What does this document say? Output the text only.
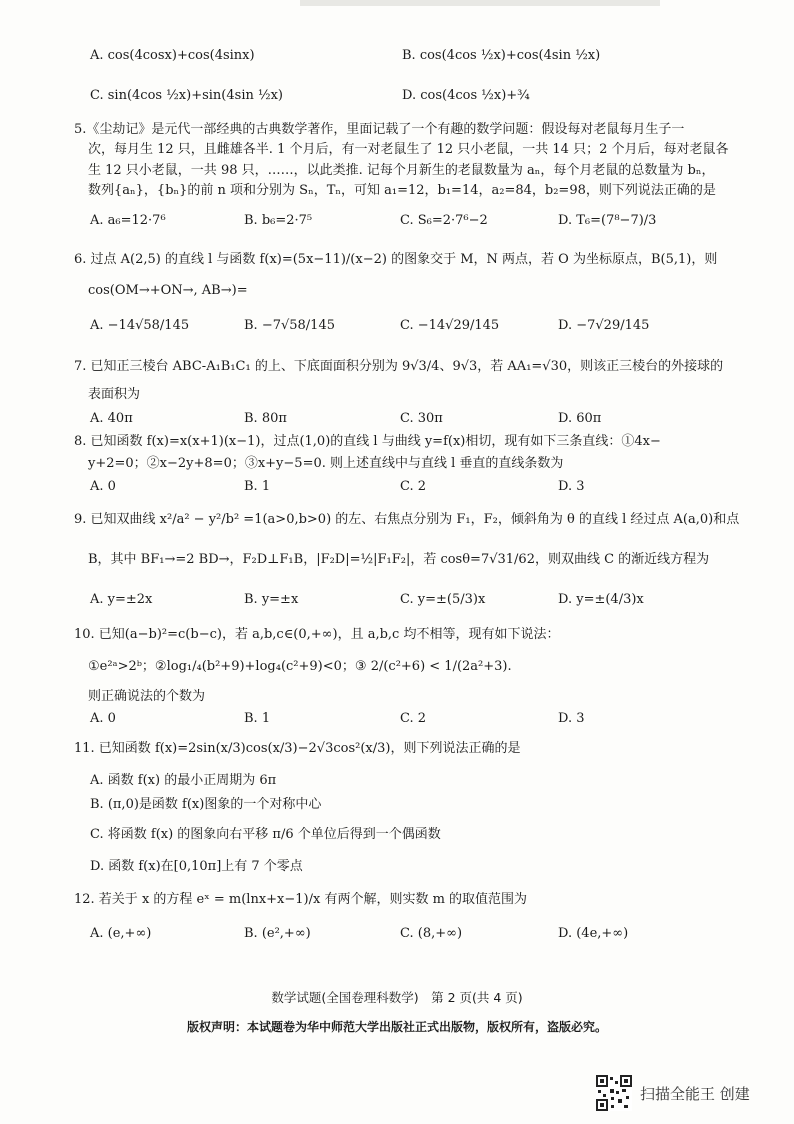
A. cos(4cosx)+cos(4sinx)	B. cos(4cos ½x)+cos(4sin ½x)
C. sin(4cos ½x)+sin(4sin ½x)	D. cos(4cos ½x)+¾
5.《尘劫记》是元代一部经典的古典数学著作，里面记载了一个有趣的数学问题：假设每对老鼠每月生子一
次，每月生 12 只，且雌雄各半. 1 个月后，有一对老鼠生了 12 只小老鼠，一共 14 只；2 个月后，每对老鼠各
生 12 只小老鼠，一共 98 只，……，以此类推. 记每个月新生的老鼠数量为 aₙ，每个月老鼠的总数量为 bₙ，
数列{aₙ}，{bₙ}的前 n 项和分别为 Sₙ，Tₙ，可知 a₁=12，b₁=14，a₂=84，b₂=98，则下列说法正确的是
A. a₆=12·7⁶	B. b₆=2·7⁵	C. S₆=2·7⁶−2	D. T₆=(7⁸−7)/3
6. 过点 A(2,5) 的直线 l 与函数 f(x)=(5x−11)/(x−2) 的图象交于 M，N 两点，若 O 为坐标原点，B(5,1)，则
cos(OM→+ON→, AB→)=
A. −14√58/145	B. −7√58/145	C. −14√29/145	D. −7√29/145
7. 已知正三棱台 ABC-A₁B₁C₁ 的上、下底面面积分别为 9√3/4、9√3，若 AA₁=√30，则该正三棱台的外接球的
表面积为
A. 40π	B. 80π	C. 30π	D. 60π
8. 已知函数 f(x)=x(x+1)(x−1)，过点(1,0)的直线 l 与曲线 y=f(x)相切，现有如下三条直线：①4x−
y+2=0；②x−2y+8=0；③x+y−5=0. 则上述直线中与直线 l 垂直的直线条数为
A. 0	B. 1	C. 2	D. 3
9. 已知双曲线 x²/a² − y²/b² =1(a>0,b>0) 的左、右焦点分别为 F₁，F₂，倾斜角为 θ 的直线 l 经过点 A(a,0)和点
B，其中 BF₁→=2 BD→，F₂D⊥F₁B，|F₂D|=½|F₁F₂|，若 cosθ=7√31/62，则双曲线 C 的渐近线方程为
A. y=±2x	B. y=±x	C. y=±(5/3)x	D. y=±(4/3)x
10. 已知(a−b)²=c(b−c)，若 a,b,c∈(0,+∞)，且 a,b,c 均不相等，现有如下说法：
①e²ᵃ>2ᵇ；②log₁/₄(b²+9)+log₄(c²+9)<0；③ 2/(c²+6) < 1/(2a²+3).
则正确说法的个数为
A. 0	B. 1	C. 2	D. 3
11. 已知函数 f(x)=2sin(x/3)cos(x/3)−2√3cos²(x/3)，则下列说法正确的是
A. 函数 f(x) 的最小正周期为 6π
B. (π,0)是函数 f(x)图象的一个对称中心
C. 将函数 f(x) 的图象向右平移 π/6 个单位后得到一个偶函数
D. 函数 f(x)在[0,10π]上有 7 个零点
12. 若关于 x 的方程 eˣ = m(lnx+x−1)/x 有两个解，则实数 m 的取值范围为
A. (e,+∞)	B. (e²,+∞)	C. (8,+∞)	D. (4e,+∞)
数学试题(全国卷理科数学)　第 2 页(共 4 页)
版权声明：本试题卷为华中师范大学出版社正式出版物，版权所有，盗版必究。
扫描全能王 创建
